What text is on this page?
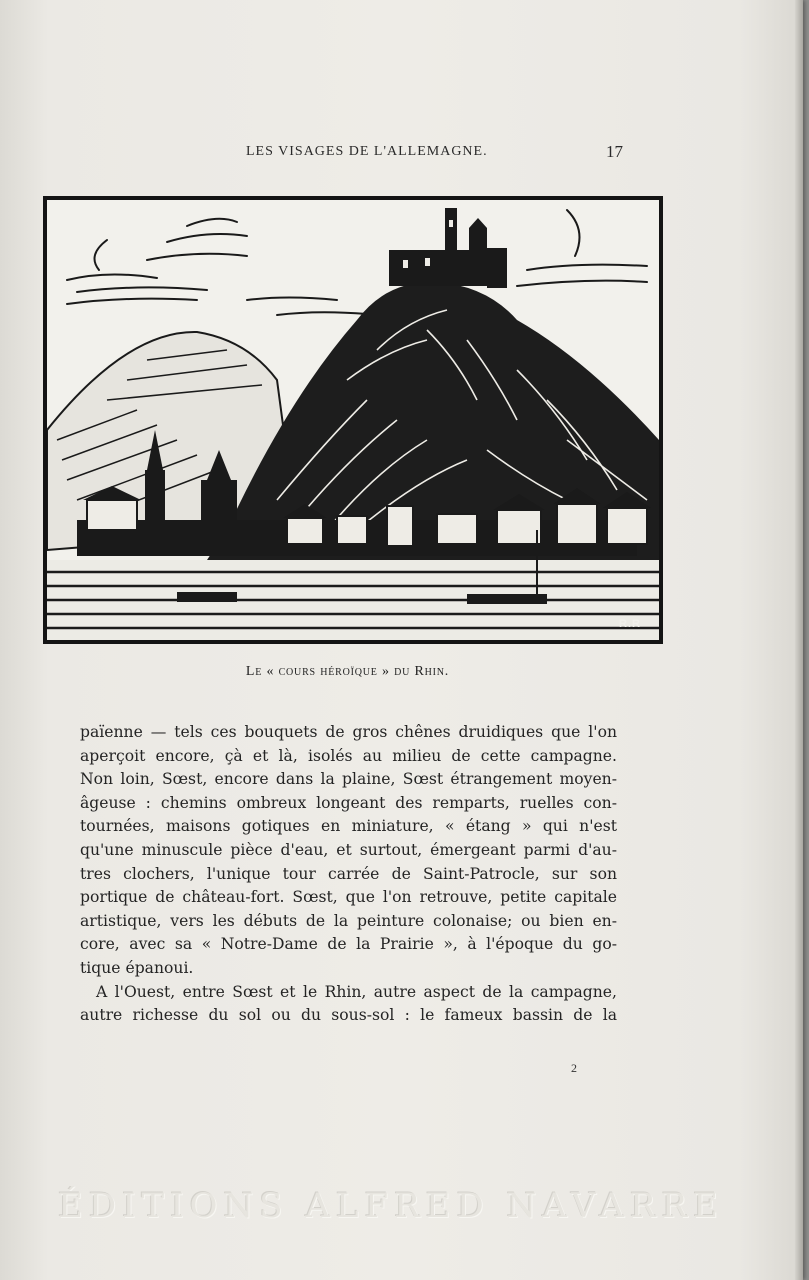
LES VISAGES DE L'ALLEMAGNE.	17
R.R
Le « cours héroïque » du Rhin.
païenne — tels ces bouquets de gros chênes druidiques que l'on
aperçoit encore, çà et là, isolés au milieu de cette campagne.
Non loin, Sœst, encore dans la plaine, Sœst étrangement moyen-
âgeuse : chemins ombreux longeant des remparts, ruelles con-
tournées, maisons gotiques en miniature, « étang » qui n'est
qu'une minuscule pièce d'eau, et surtout, émergeant parmi d'au-
tres clochers, l'unique tour carrée de Saint-Patrocle, sur son
portique de château-fort. Sœst, que l'on retrouve, petite capitale
artistique, vers les débuts de la peinture colonaise; ou bien en-
core, avec sa « Notre-Dame de la Prairie », à l'époque du go-
tique épanoui.
A l'Ouest, entre Sœst et le Rhin, autre aspect de la campagne,
autre richesse du sol ou du sous-sol : le fameux bassin de la
2
ÉDITIONS ALFRED NAVARRE
